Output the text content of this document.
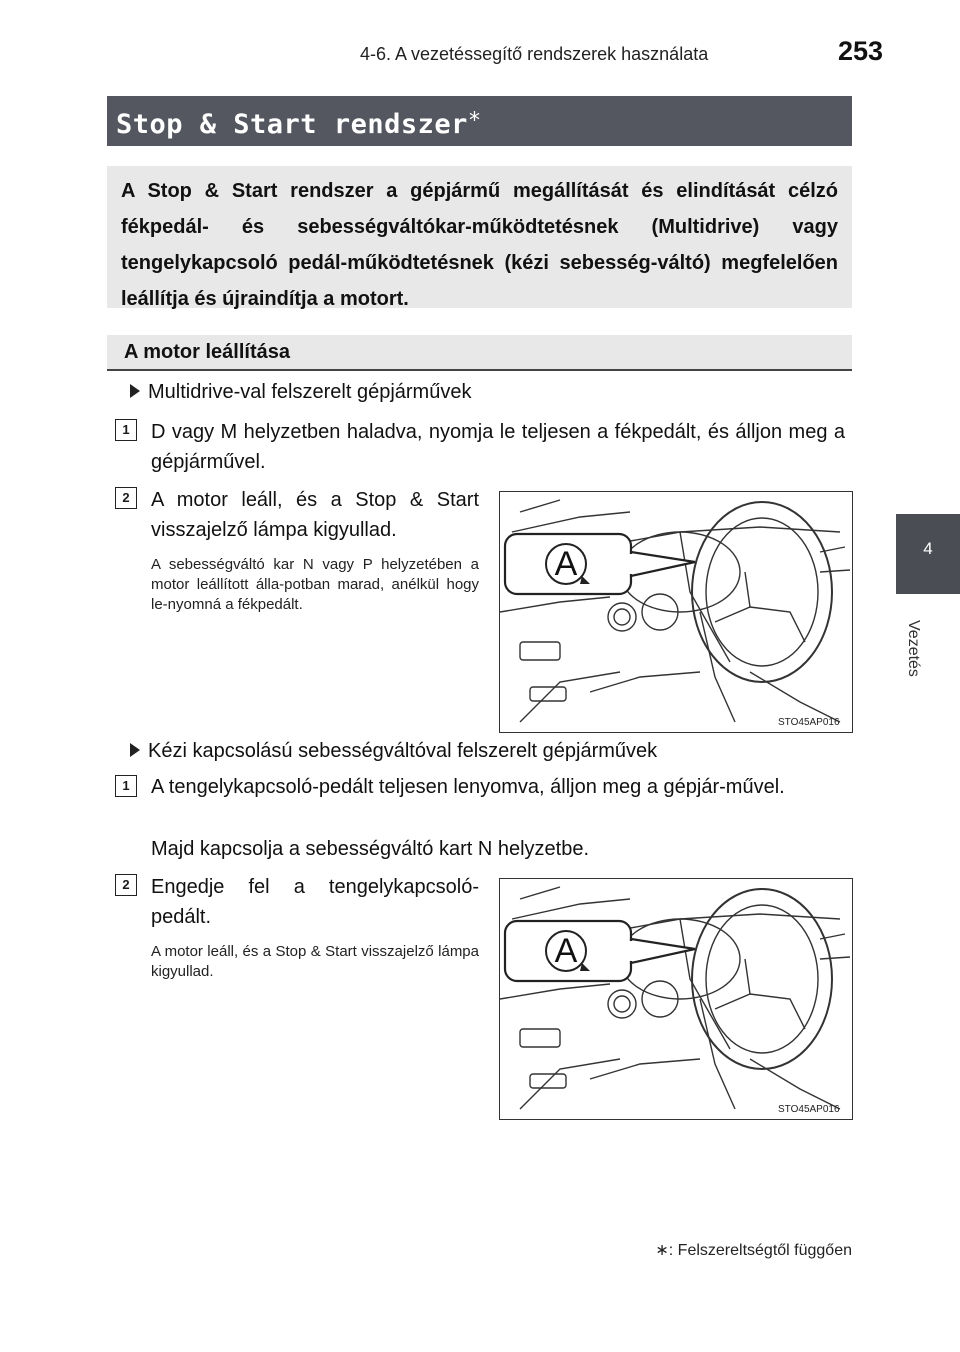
4-6. A vezetéssegítő rendszerek használata	253
4
Vezetés
Stop & Start rendszer∗
A Stop & Start rendszer a gépjármű megállítását és elindítását célzó fékpedál- és sebességváltókar-működtetésnek (Multidrive) vagy tengelykapcsoló pedál-működtetésnek (kézi sebesség-váltó) megfelelően leállítja és újraindítja a motort.
A motor leállítása
Multidrive-val felszerelt gépjárművek
1	D vagy M helyzetben haladva, nyomja le teljesen a fékpedált, és álljon meg a gépjárművel.
2	A motor leáll, és a Stop & Start visszajelző lámpa kigyullad.
A sebességváltó kar N vagy P helyzetében a motor leállított álla-potban marad, anélkül hogy le-nyomná a fékpedált.
A
STO45AP016
Kézi kapcsolású sebességváltóval felszerelt gépjárművek
1	A tengelykapcsoló-pedált teljesen lenyomva, álljon meg a gépjár-művel.
Majd kapcsolja a sebességváltó kart N helyzetbe.
2	Engedje fel a tengelykapcsoló-pedált.
A motor leáll, és a Stop & Start visszajelző lámpa kigyullad.
A
STO45AP016
∗: Felszereltségtől függően
